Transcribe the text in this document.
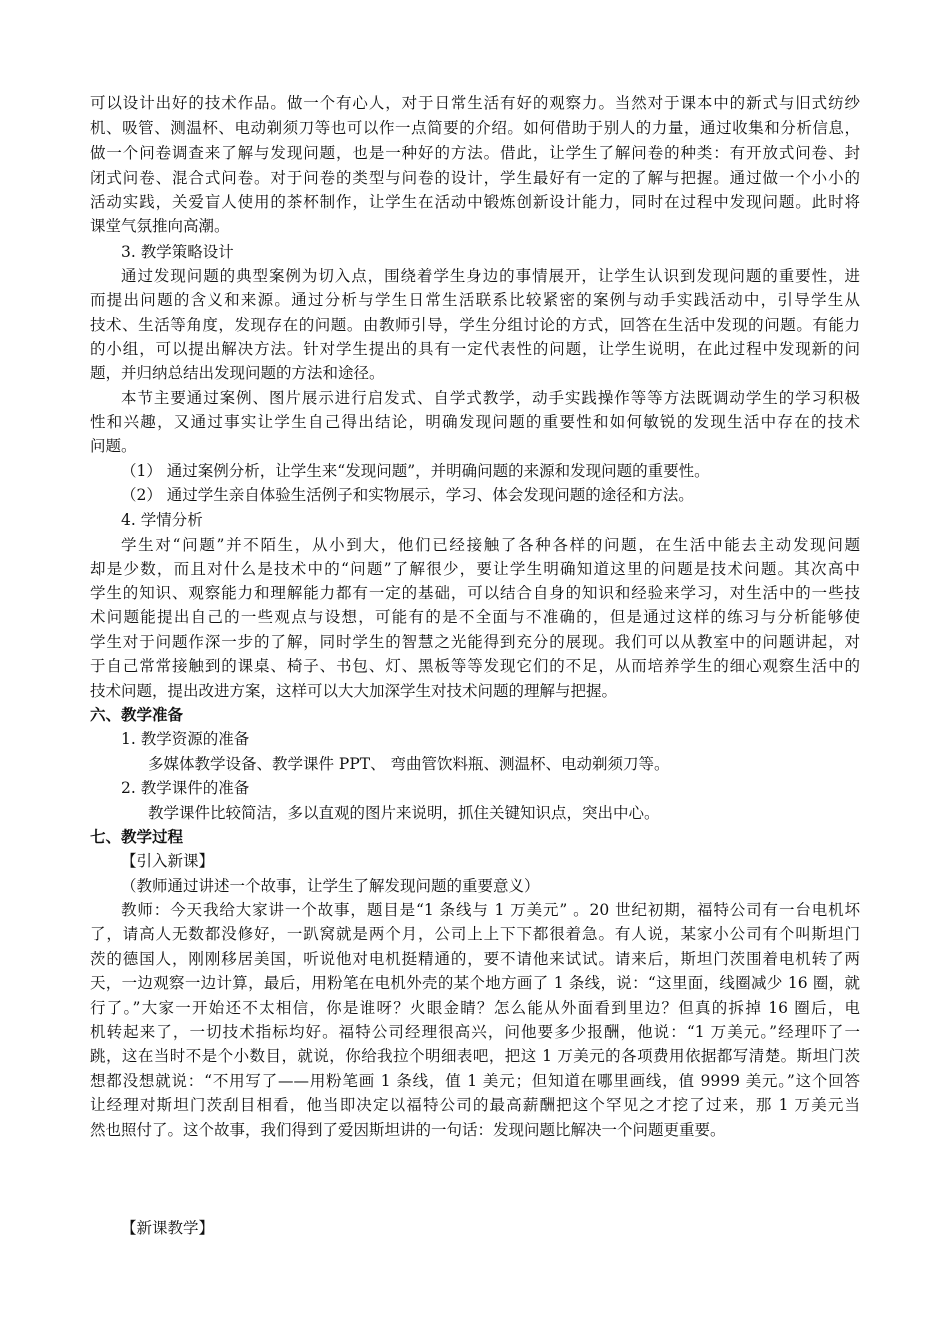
可以设计出好的技术作品。做一个有心人，对于日常生活有好的观察力。当然对于课本中的新式与旧式纺纱
机、吸管、测温杯、电动剃须刀等也可以作一点简要的介绍。如何借助于别人的力量，通过收集和分析信息，
做一个问卷调查来了解与发现问题，也是一种好的方法。借此，让学生了解问卷的种类：有开放式问卷、封
闭式问卷、混合式问卷。对于问卷的类型与问卷的设计，学生最好有一定的了解与把握。通过做一个小小的
活动实践，关爱盲人使用的茶杯制作，让学生在活动中锻炼创新设计能力，同时在过程中发现问题。此时将
课堂气氛推向高潮。
3. 教学策略设计
通过发现问题的典型案例为切入点，围绕着学生身边的事情展开，让学生认识到发现问题的重要性，进
而提出问题的含义和来源。通过分析与学生日常生活联系比较紧密的案例与动手实践活动中，引导学生从
技术、生活等角度，发现存在的问题。由教师引导，学生分组讨论的方式，回答在生活中发现的问题。有能力
的小组，可以提出解决方法。针对学生提出的具有一定代表性的问题，让学生说明，在此过程中发现新的问
题，并归纳总结出发现问题的方法和途径。
本节主要通过案例、图片展示进行启发式、自学式教学，动手实践操作等等方法既调动学生的学习积极
性和兴趣，又通过事实让学生自己得出结论，明确发现问题的重要性和如何敏锐的发现生活中存在的技术
问题。
（1） 通过案例分析，让学生来“发现问题”，并明确问题的来源和发现问题的重要性。
（2） 通过学生亲自体验生活例子和实物展示，学习、体会发现问题的途径和方法。
4. 学情分析
学生对“问题”并不陌生，从小到大，他们已经接触了各种各样的问题，在生活中能去主动发现问题
却是少数，而且对什么是技术中的“问题”了解很少，要让学生明确知道这里的问题是技术问题。其次高中
学生的知识、观察能力和理解能力都有一定的基础，可以结合自身的知识和经验来学习，对生活中的一些技
术问题能提出自己的一些观点与设想，可能有的是不全面与不准确的，但是通过这样的练习与分析能够使
学生对于问题作深一步的了解，同时学生的智慧之光能得到充分的展现。我们可以从教室中的问题讲起，对
于自己常常接触到的课桌、椅子、书包、灯、黑板等等发现它们的不足，从而培养学生的细心观察生活中的
技术问题，提出改进方案，这样可以大大加深学生对技术问题的理解与把握。
六、教学准备
1. 教学资源的准备
多媒体教学设备、教学课件 PPT、 弯曲管饮料瓶、测温杯、电动剃须刀等。
2. 教学课件的准备
教学课件比较简洁，多以直观的图片来说明，抓住关键知识点，突出中心。
七、教学过程
【引入新课】
（教师通过讲述一个故事，让学生了解发现问题的重要意义）
教师：今天我给大家讲一个故事，题目是“1 条线与 1 万美元” 。20 世纪初期，福特公司有一台电机坏
了，请高人无数都没修好，一趴窝就是两个月，公司上上下下都很着急。有人说，某家小公司有个叫斯坦门
茨的德国人，刚刚移居美国，听说他对电机挺精通的，要不请他来试试。请来后，斯坦门茨围着电机转了两
天，一边观察一边计算，最后，用粉笔在电机外壳的某个地方画了 1 条线，说：“这里面，线圈减少 16 圈，就
行了。”大家一开始还不太相信，你是谁呀？火眼金睛？怎么能从外面看到里边？但真的拆掉 16 圈后，电
机转起来了，一切技术指标均好。福特公司经理很高兴，问他要多少报酬，他说：“1 万美元。”经理吓了一
跳，这在当时不是个小数目，就说，你给我拉个明细表吧，把这 1 万美元的各项费用依据都写清楚。斯坦门茨
想都没想就说：“不用写了——用粉笔画 1 条线，值 1 美元；但知道在哪里画线，值 9999 美元。”这个回答
让经理对斯坦门茨刮目相看，他当即决定以福特公司的最高薪酬把这个罕见之才挖了过来，那 1 万美元当
然也照付了。这个故事，我们得到了爱因斯坦讲的一句话：发现问题比解决一个问题更重要。
【新课教学】
